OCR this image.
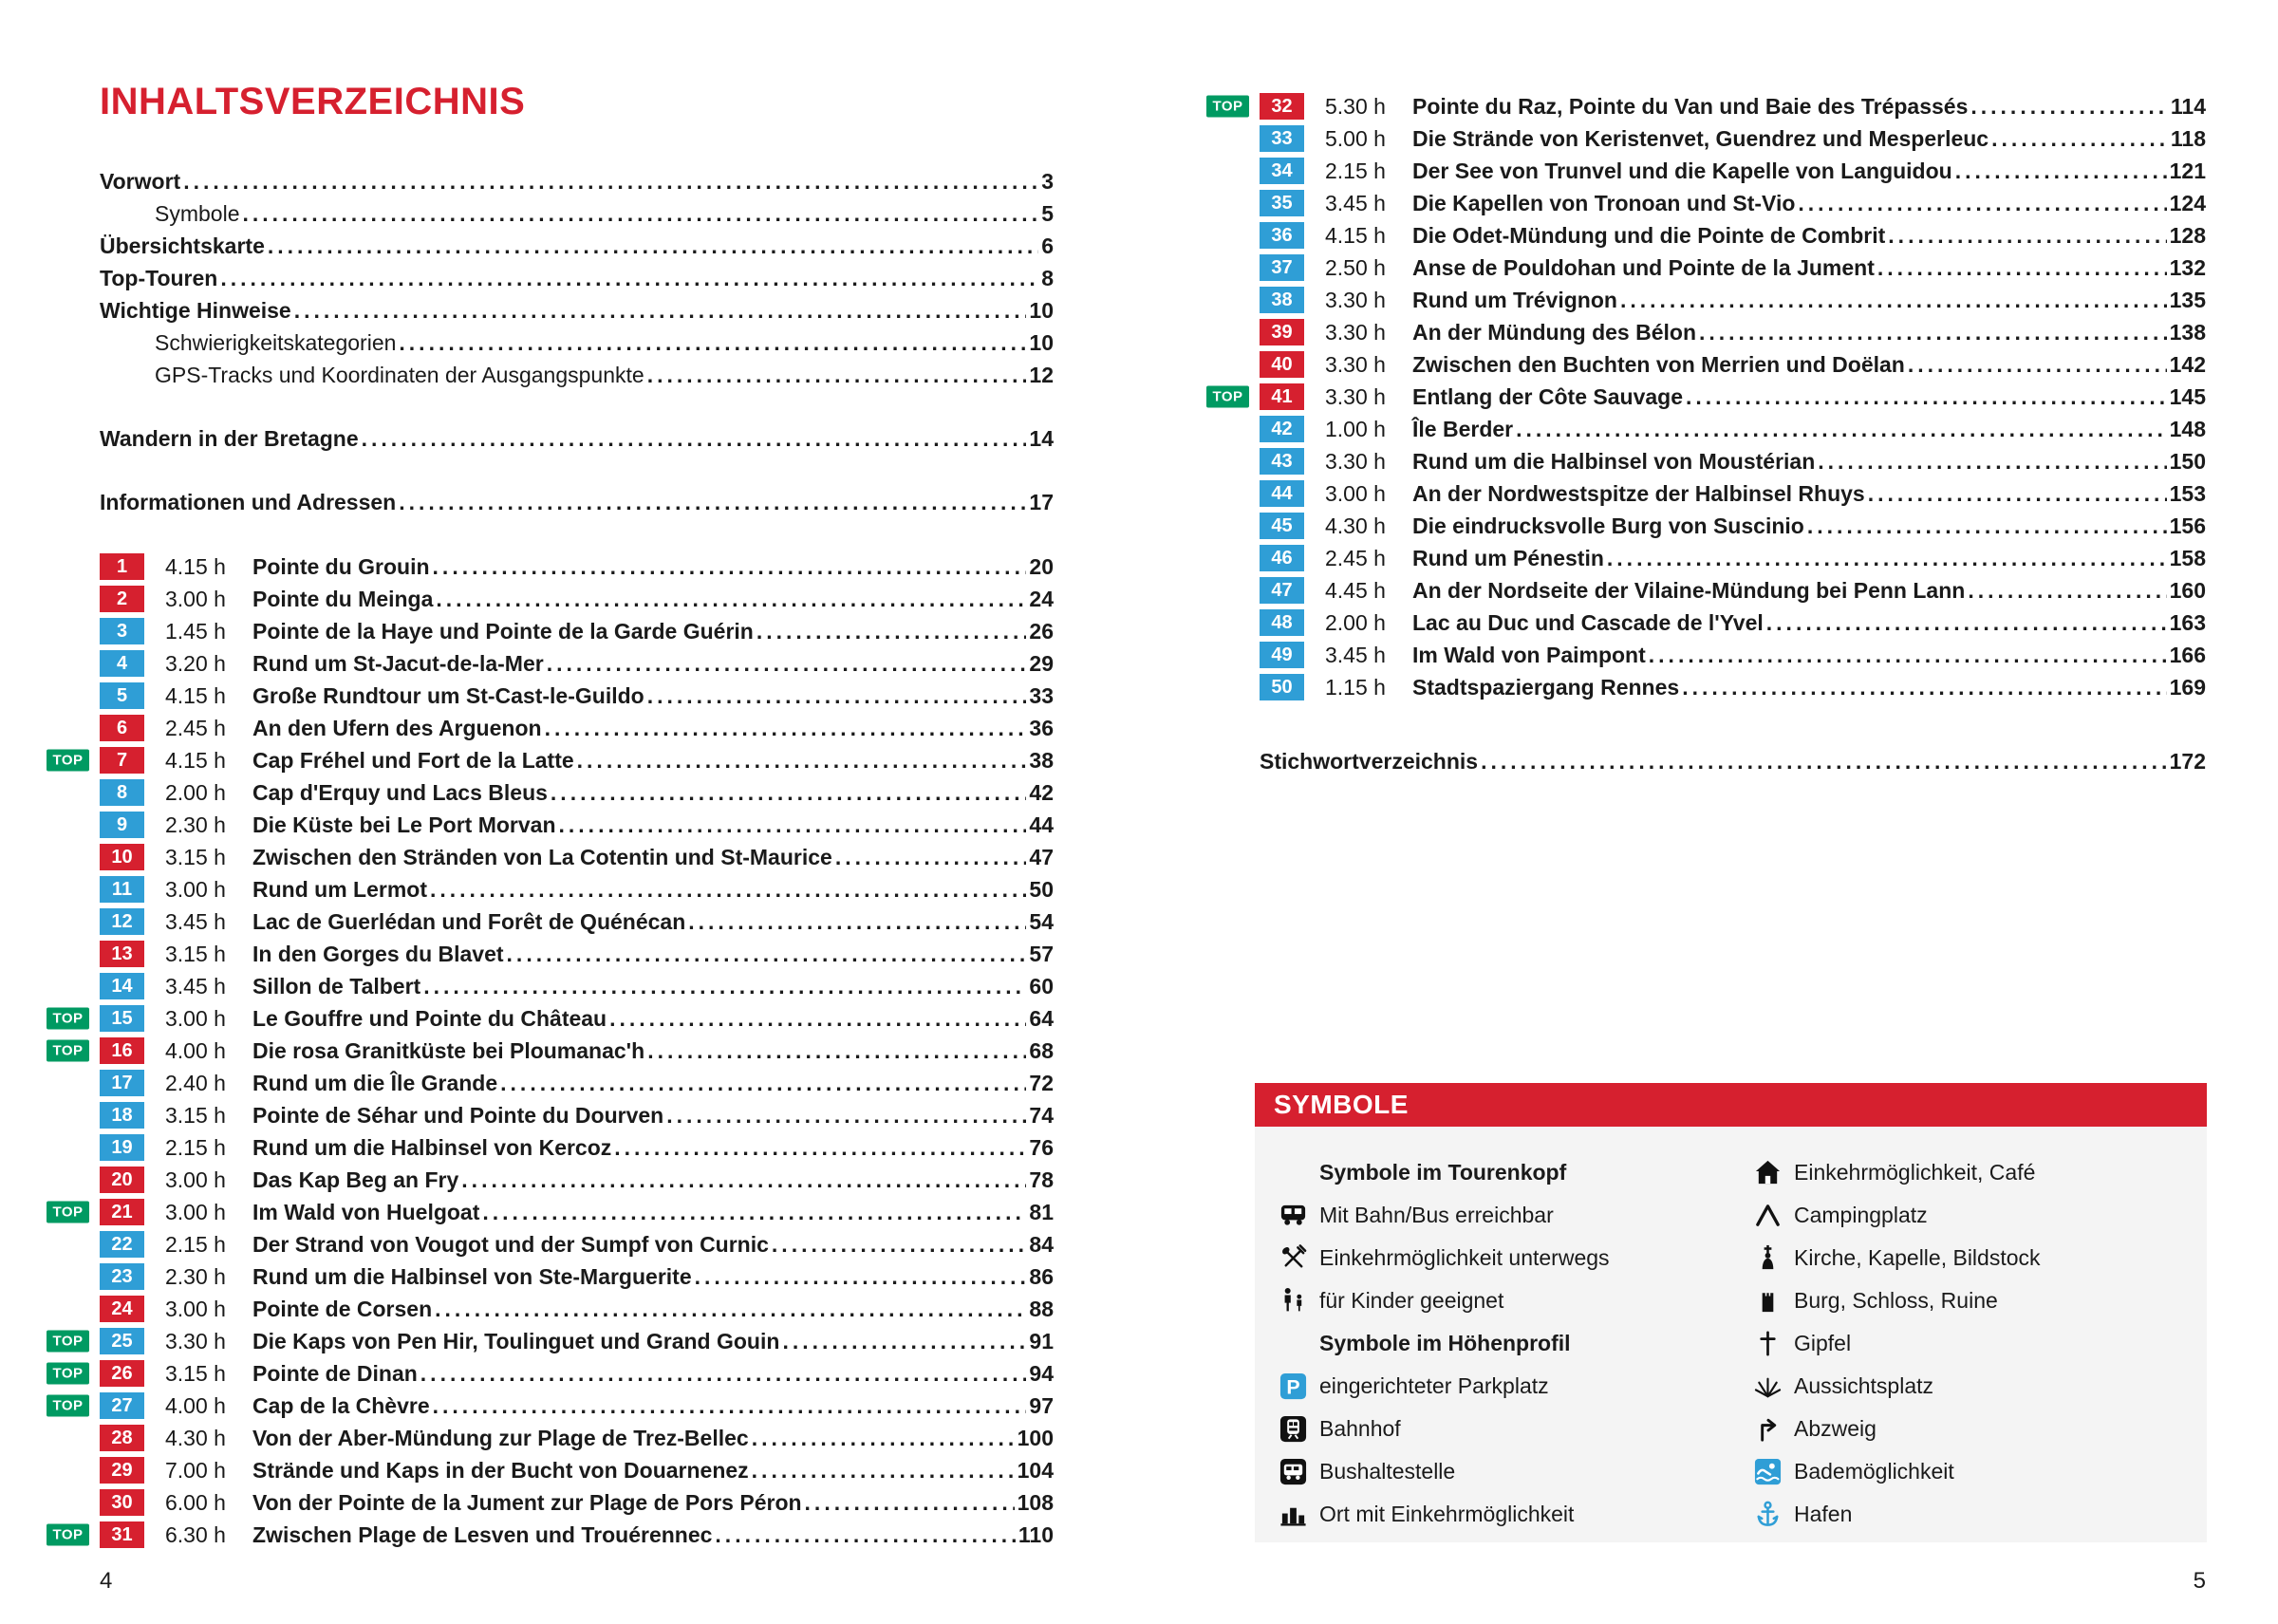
INHALTSVERZEICHNIS
Vorwort .....	3
Symbole .....	5
Übersichtskarte .....	6
Top-Touren .....	8
Wichtige Hinweise .....	10
Schwierigkeitskategorien .....	10
GPS-Tracks und Koordinaten der Ausgangspunkte .....	12
Wandern in der Bretagne .....	14
Informationen und Adressen .....	17
1	4.15 h	Pointe du Grouin .....	20
2	3.00 h	Pointe du Meinga .....	24
3	1.45 h	Pointe de la Haye und Pointe de la Garde Guérin .....	26
4	3.20 h	Rund um St-Jacut-de-la-Mer .....	29
5	4.15 h	Große Rundtour um St-Cast-le-Guildo .....	33
6	2.45 h	An den Ufern des Arguenon .....	36
TOP	7	4.15 h	Cap Fréhel und Fort de la Latte .....	38
8	2.00 h	Cap d'Erquy und Lacs Bleus .....	42
9	2.30 h	Die Küste bei Le Port Morvan .....	44
10	3.15 h	Zwischen den Stränden von La Cotentin und St-Maurice .....	47
11	3.00 h	Rund um Lermot .....	50
12	3.45 h	Lac de Guerlédan und Forêt de Quénécan .....	54
13	3.15 h	In den Gorges du Blavet .....	57
14	3.45 h	Sillon de Talbert .....	60
TOP	15	3.00 h	Le Gouffre und Pointe du Château .....	64
TOP	16	4.00 h	Die rosa Granitküste bei Ploumanac'h .....	68
17	2.40 h	Rund um die Île Grande .....	72
18	3.15 h	Pointe de Séhar und Pointe du Dourven .....	74
19	2.15 h	Rund um die Halbinsel von Kercoz .....	76
20	3.00 h	Das Kap Beg an Fry .....	78
TOP	21	3.00 h	Im Wald von Huelgoat .....	81
22	2.15 h	Der Strand von Vougot und der Sumpf von Curnic .....	84
23	2.30 h	Rund um die Halbinsel von Ste-Marguerite .....	86
24	3.00 h	Pointe de Corsen .....	88
TOP	25	3.30 h	Die Kaps von Pen Hir, Toulinguet und Grand Gouin .....	91
TOP	26	3.15 h	Pointe de Dinan .....	94
TOP	27	4.00 h	Cap de la Chèvre .....	97
28	4.30 h	Von der Aber-Mündung zur Plage de Trez-Bellec .....	100
29	7.00 h	Strände und Kaps in der Bucht von Douarnenez .....	104
30	6.00 h	Von der Pointe de la Jument zur Plage de Pors Péron .....	108
TOP	31	6.30 h	Zwischen Plage de Lesven und Trouérennec .....	110
TOP	32	5.30 h	Pointe du Raz, Pointe du Van und Baie des Trépassés .....	114
33	5.00 h	Die Strände von Keristenvet, Guendrez und Mesperleuc .....	118
34	2.15 h	Der See von Trunvel und die Kapelle von Languidou .....	121
35	3.45 h	Die Kapellen von Tronoan und St-Vio .....	124
36	4.15 h	Die Odet-Mündung und die Pointe de Combrit .....	128
37	2.50 h	Anse de Pouldohan und Pointe de la Jument .....	132
38	3.30 h	Rund um Trévignon .....	135
39	3.30 h	An der Mündung des Bélon .....	138
40	3.30 h	Zwischen den Buchten von Merrien und Doëlan .....	142
TOP	41	3.30 h	Entlang der Côte Sauvage .....	145
42	1.00 h	Île Berder .....	148
43	3.30 h	Rund um die Halbinsel von Moustérian .....	150
44	3.00 h	An der Nordwestspitze der Halbinsel Rhuys .....	153
45	4.30 h	Die eindrucksvolle Burg von Suscinio .....	156
46	2.45 h	Rund um Pénestin .....	158
47	4.45 h	An der Nordseite der Vilaine-Mündung bei Penn Lann .....	160
48	2.00 h	Lac au Duc und Cascade de l'Yvel .....	163
49	3.45 h	Im Wald von Paimpont .....	166
50	1.15 h	Stadtspaziergang Rennes .....	169
Stichwortverzeichnis .....	172
SYMBOLE
Symbole im Tourenkopf
Mit Bahn/Bus erreichbar
Einkehrmöglichkeit unterwegs
für Kinder geeignet
Symbole im Höhenprofil
P eingerichteter Parkplatz
Bahnhof
Bushaltestelle
Ort mit Einkehrmöglichkeit
Einkehrmöglichkeit, Café
Campingplatz
Kirche, Kapelle, Bildstock
Burg, Schloss, Ruine
Gipfel
Aussichtsplatz
Abzweig
Bademöglichkeit
Hafen
4	5
